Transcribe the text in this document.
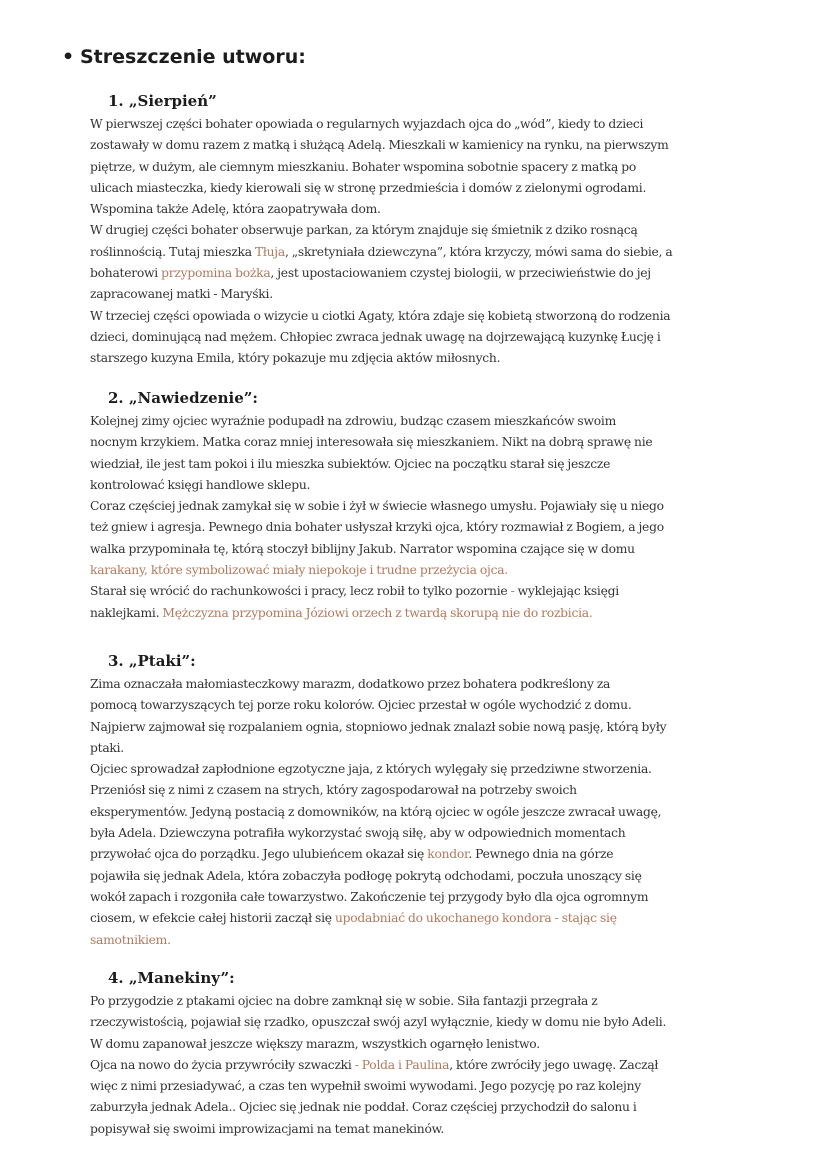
• Streszczenie utworu:
1. „Sierpień”
W pierwszej części bohater opowiada o regularnych wyjazdach ojca do „wód”, kiedy to dzieci
zostawały w domu razem z matką i służącą Adelą. Mieszkali w kamienicy na rynku, na pierwszym
piętrze, w dużym, ale ciemnym mieszkaniu. Bohater wspomina sobotnie spacery z matką po
ulicach miasteczka, kiedy kierowali się w stronę przedmieścia i domów z zielonymi ogrodami.
Wspomina także Adelę, która zaopatrywała dom.
W drugiej części bohater obserwuje parkan, za którym znajduje się śmietnik z dziko rosnącą
roślinnością. Tutaj mieszka Tłuja, „skretyniała dziewczyna”, która krzyczy, mówi sama do siebie, a
bohaterowi przypomina bożka, jest upostaciowaniem czystej biologii, w przeciwieństwie do jej
zapracowanej matki - Maryśki.
W trzeciej części opowiada o wizycie u ciotki Agaty, która zdaje się kobietą stworzoną do rodzenia
dzieci, dominującą nad mężem. Chłopiec zwraca jednak uwagę na dojrzewającą kuzynkę Łucję i
starszego kuzyna Emila, który pokazuje mu zdjęcia aktów miłosnych.
2. „Nawiedzenie”:
Kolejnej zimy ojciec wyraźnie podupadł na zdrowiu, budząc czasem mieszkańców swoim
nocnym krzykiem. Matka coraz mniej interesowała się mieszkaniem. Nikt na dobrą sprawę nie
wiedział, ile jest tam pokoi i ilu mieszka subiektów. Ojciec na początku starał się jeszcze
kontrolować księgi handlowe sklepu.
Coraz częściej jednak zamykał się w sobie i żył w świecie własnego umysłu. Pojawiały się u niego
też gniew i agresja. Pewnego dnia bohater usłyszał krzyki ojca, który rozmawiał z Bogiem, a jego
walka przypominała tę, którą stoczył biblijny Jakub. Narrator wspomina czające się w domu
karakany, które symbolizować miały niepokoje i trudne przeżycia ojca.
Starał się wrócić do rachunkowości i pracy, lecz robił to tylko pozornie - wyklejając księgi
naklejkami. Mężczyzna przypomina Józiowi orzech z twardą skorupą nie do rozbicia.
3. „Ptaki”:
Zima oznaczała małomiasteczkowy marazm, dodatkowo przez bohatera podkreślony za
pomocą towarzyszących tej porze roku kolorów. Ojciec przestał w ogóle wychodzić z domu.
Najpierw zajmował się rozpalaniem ognia, stopniowo jednak znalazł sobie nową pasję, którą były
ptaki.
Ojciec sprowadzał zapłodnione egzotyczne jaja, z których wylęgały się przedziwne stworzenia.
Przeniósł się z nimi z czasem na strych, który zagospodarował na potrzeby swoich
eksperymentów. Jedyną postacią z domowników, na którą ojciec w ogóle jeszcze zwracał uwagę,
była Adela. Dziewczyna potrafiła wykorzystać swoją siłę, aby w odpowiednich momentach
przywołać ojca do porządku. Jego ulubieńcem okazał się kondor. Pewnego dnia na górze
pojawiła się jednak Adela, która zobaczyła podłogę pokrytą odchodami, poczuła unoszący się
wokół zapach i rozgoniła całe towarzystwo. Zakończenie tej przygody było dla ojca ogromnym
ciosem, w efekcie całej historii zaczął się upodabniać do ukochanego kondora - stając się
samotnikiem.
4. „Manekiny”:
Po przygodzie z ptakami ojciec na dobre zamknął się w sobie. Siła fantazji przegrała z
rzeczywistością, pojawiał się rzadko, opuszczał swój azyl wyłącznie, kiedy w domu nie było Adeli.
W domu zapanował jeszcze większy marazm, wszystkich ogarnęło lenistwo.
Ojca na nowo do życia przywróciły szwaczki - Polda i Paulina, które zwróciły jego uwagę. Zaczął
więc z nimi przesiadywać, a czas ten wypełnił swoimi wywodami. Jego pozycję po raz kolejny
zaburzyła jednak Adela.. Ojciec się jednak nie poddał. Coraz częściej przychodził do salonu i
popisywał się swoimi improwizacjami na temat manekinów.
